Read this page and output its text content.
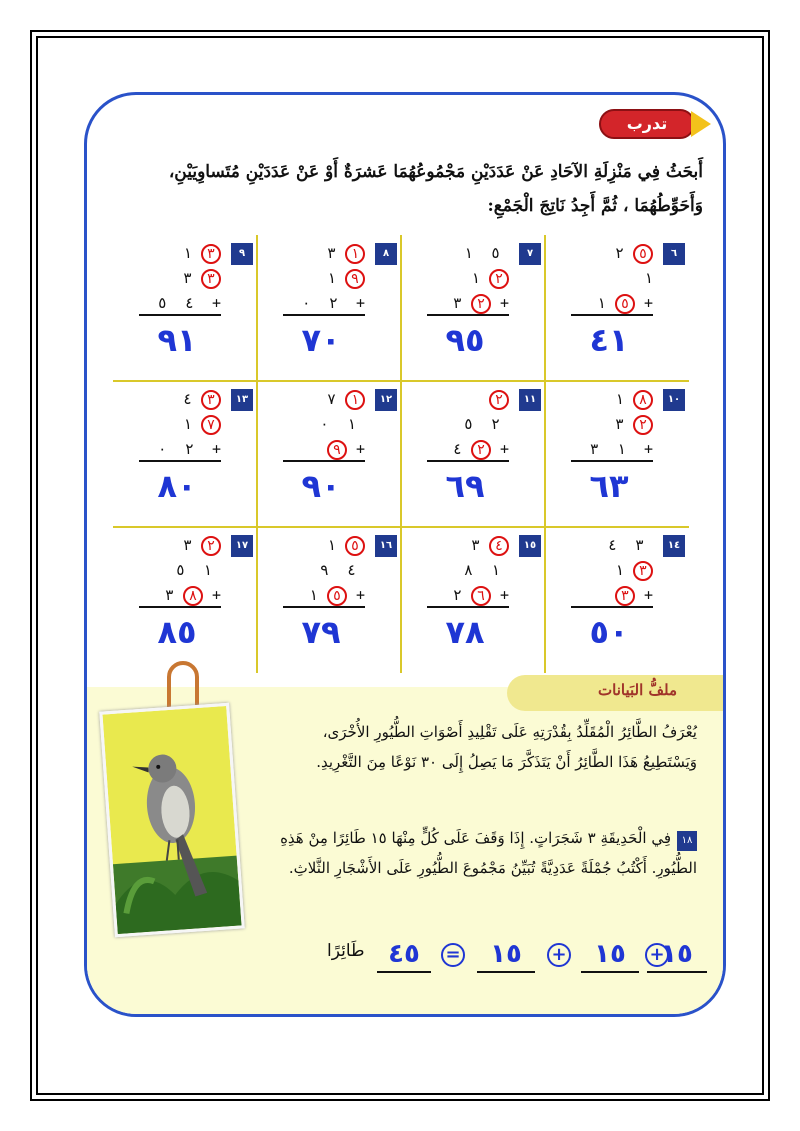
تدرب
أَبحَثُ فِي مَنْزِلَةِ الآحَادِ عَنْ عَدَدَيْنِ مَجْمُوعُهُمَا عَشرَةٌ أَوْ عَنْ عَدَدَيْنِ مُتَساوِيَيْنِ،
وَأَحَوِّطُهُمَا ، ثُمَّ أَجِدُ نَاتِجَ الْجَمْعِ:
٦
٢ ٥
١
١ ٥ +
٤١
٧
٥  ١
١ ٢
٣ ٢ +
٩٥
٨
٣ ١
١ ٩
٢  ٠	+
٧٠
٩
١ ٣
٣ ٣
٤  ٥	+
٩١
١٠
١ ٨
٣ ٢
١  ٣	+
٦٣
١١
٢
٢  ٥
٤ ٢ +
٦٩
١٢
٧ ١
١  ٠
٩ +
٩٠
١٣
٤ ٣
١ ٧
٢  ٠	+
٨٠
١٤
٣  ٤
١ ٣
٣ +
٥٠
١٥
٣ ٤
١  ٨
٢ ٦ +
٧٨
١٦
١ ٥
٤  ٩
١ ٥ +
٧٩
١٧
٣ ٢
١  ٥
٣ ٨ +
٨٥
ملفُّ البَيانات
يُعْرَفُ الطَّائِرُ الْمُقَلِّدُ بِقُدْرَتِهِ عَلَى تَقْلِيدِ أَصْوَاتِ الطُّيُورِ الأُخْرَى،
وَيَسْتَطِيعُ هَذَا الطَّائِرُ أَنْ يَتَذَكَّرَ مَا يَصِلُ إِلَى ٣٠ نَوْعًا مِنَ التَّغْرِيدِ.
١٨فِي الْحَدِيقَةِ ٣ شَجَرَاتٍ. إِذَا وَقَفَ عَلَى كُلٍّ مِنْهَا ١٥ طَائِرًا مِنْ هَذِهِ
الطُّيُورِ. أَكْتُبُ جُمْلَةً عَدَدِيَّةً تُبَيِّنُ مَجْمُوعَ الطُّيُورِ عَلَى الأَشْجَارِ الثَّلاثِ.
طَائِرًا ٤٥	=	١٥	+	١٥	+
١٥
